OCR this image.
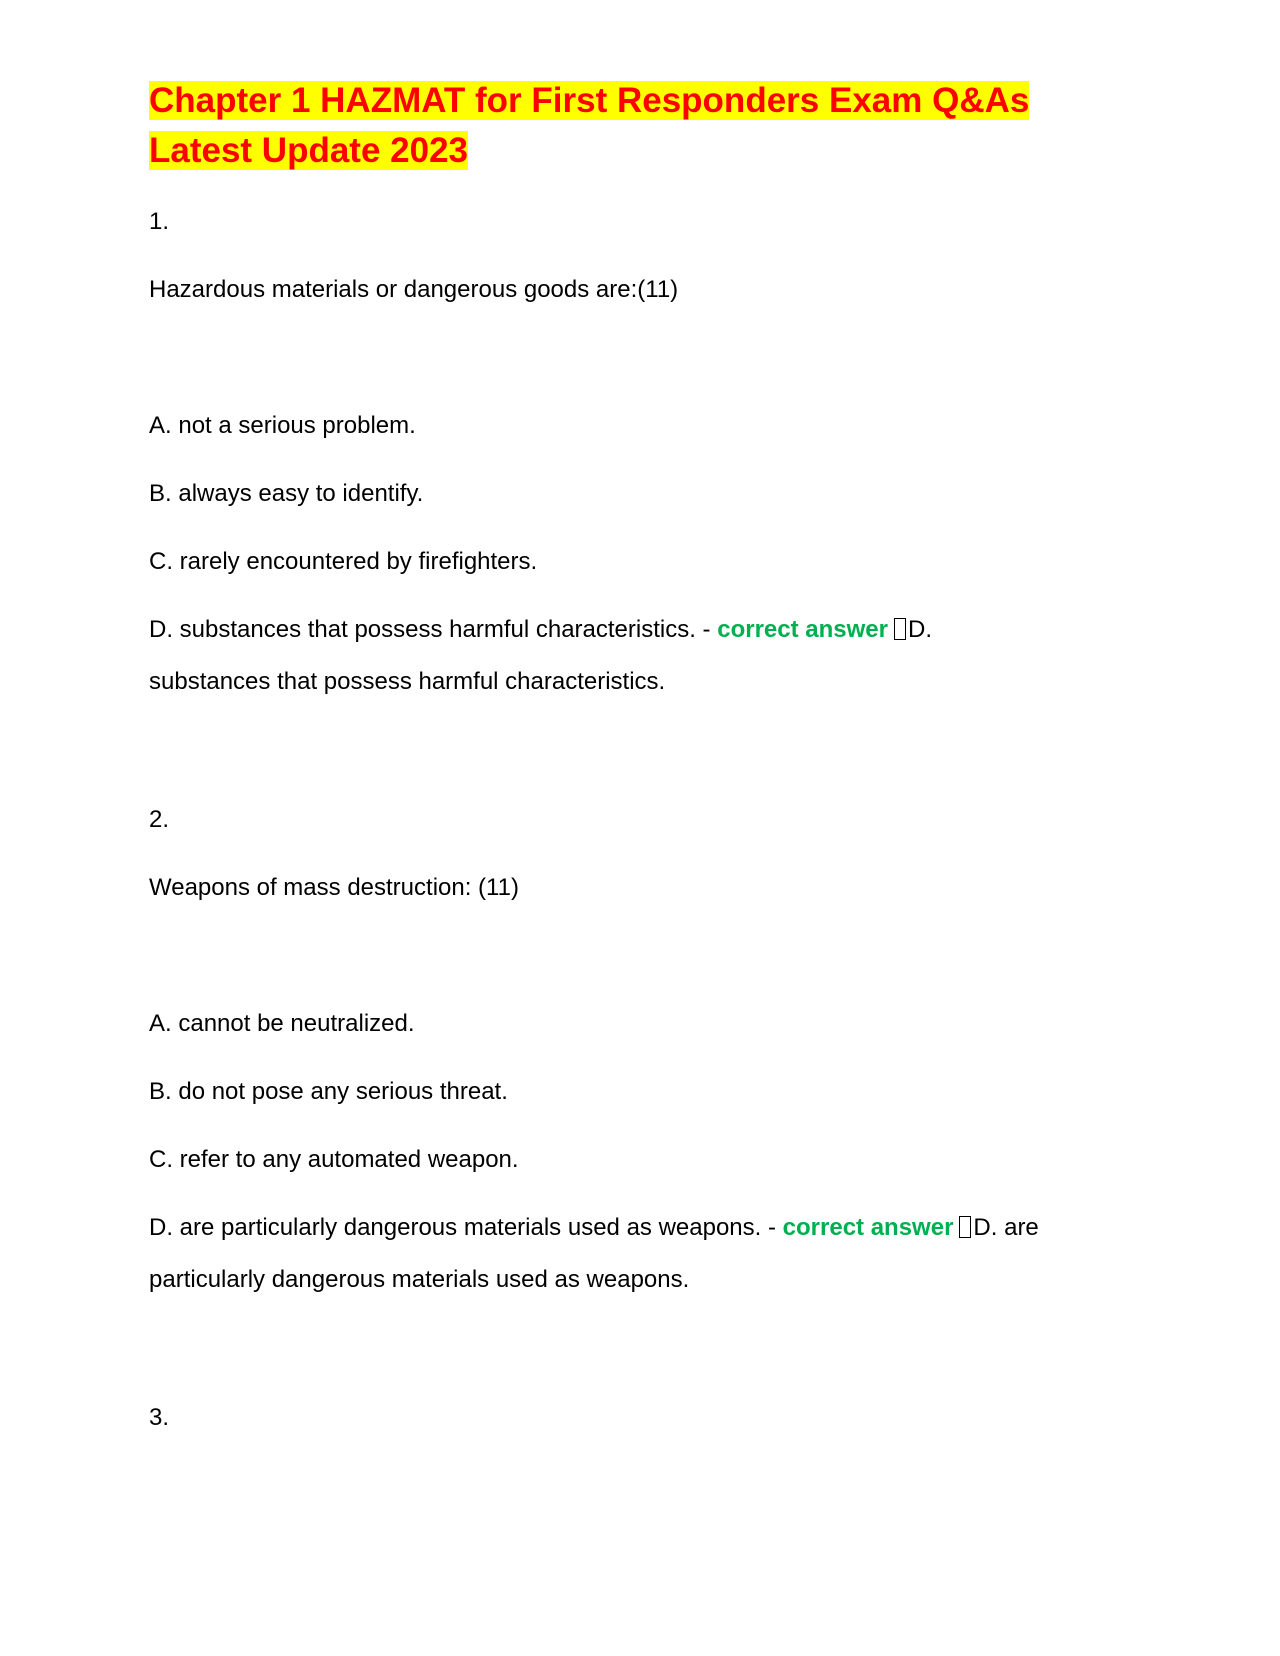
Chapter 1 HAZMAT for First Responders Exam Q&As
Latest Update 2023

1.

Hazardous materials or dangerous goods are:(11)

A. not a serious problem.

B. always easy to identify.

C. rarely encountered by firefighters.

D. substances that possess harmful characteristics. - correct answer D.

substances that possess harmful characteristics.

2.

Weapons of mass destruction: (11)

A. cannot be neutralized.

B. do not pose any serious threat.

C. refer to any automated weapon.

D. are particularly dangerous materials used as weapons. - correct answer D. are

particularly dangerous materials used as weapons.

3.
